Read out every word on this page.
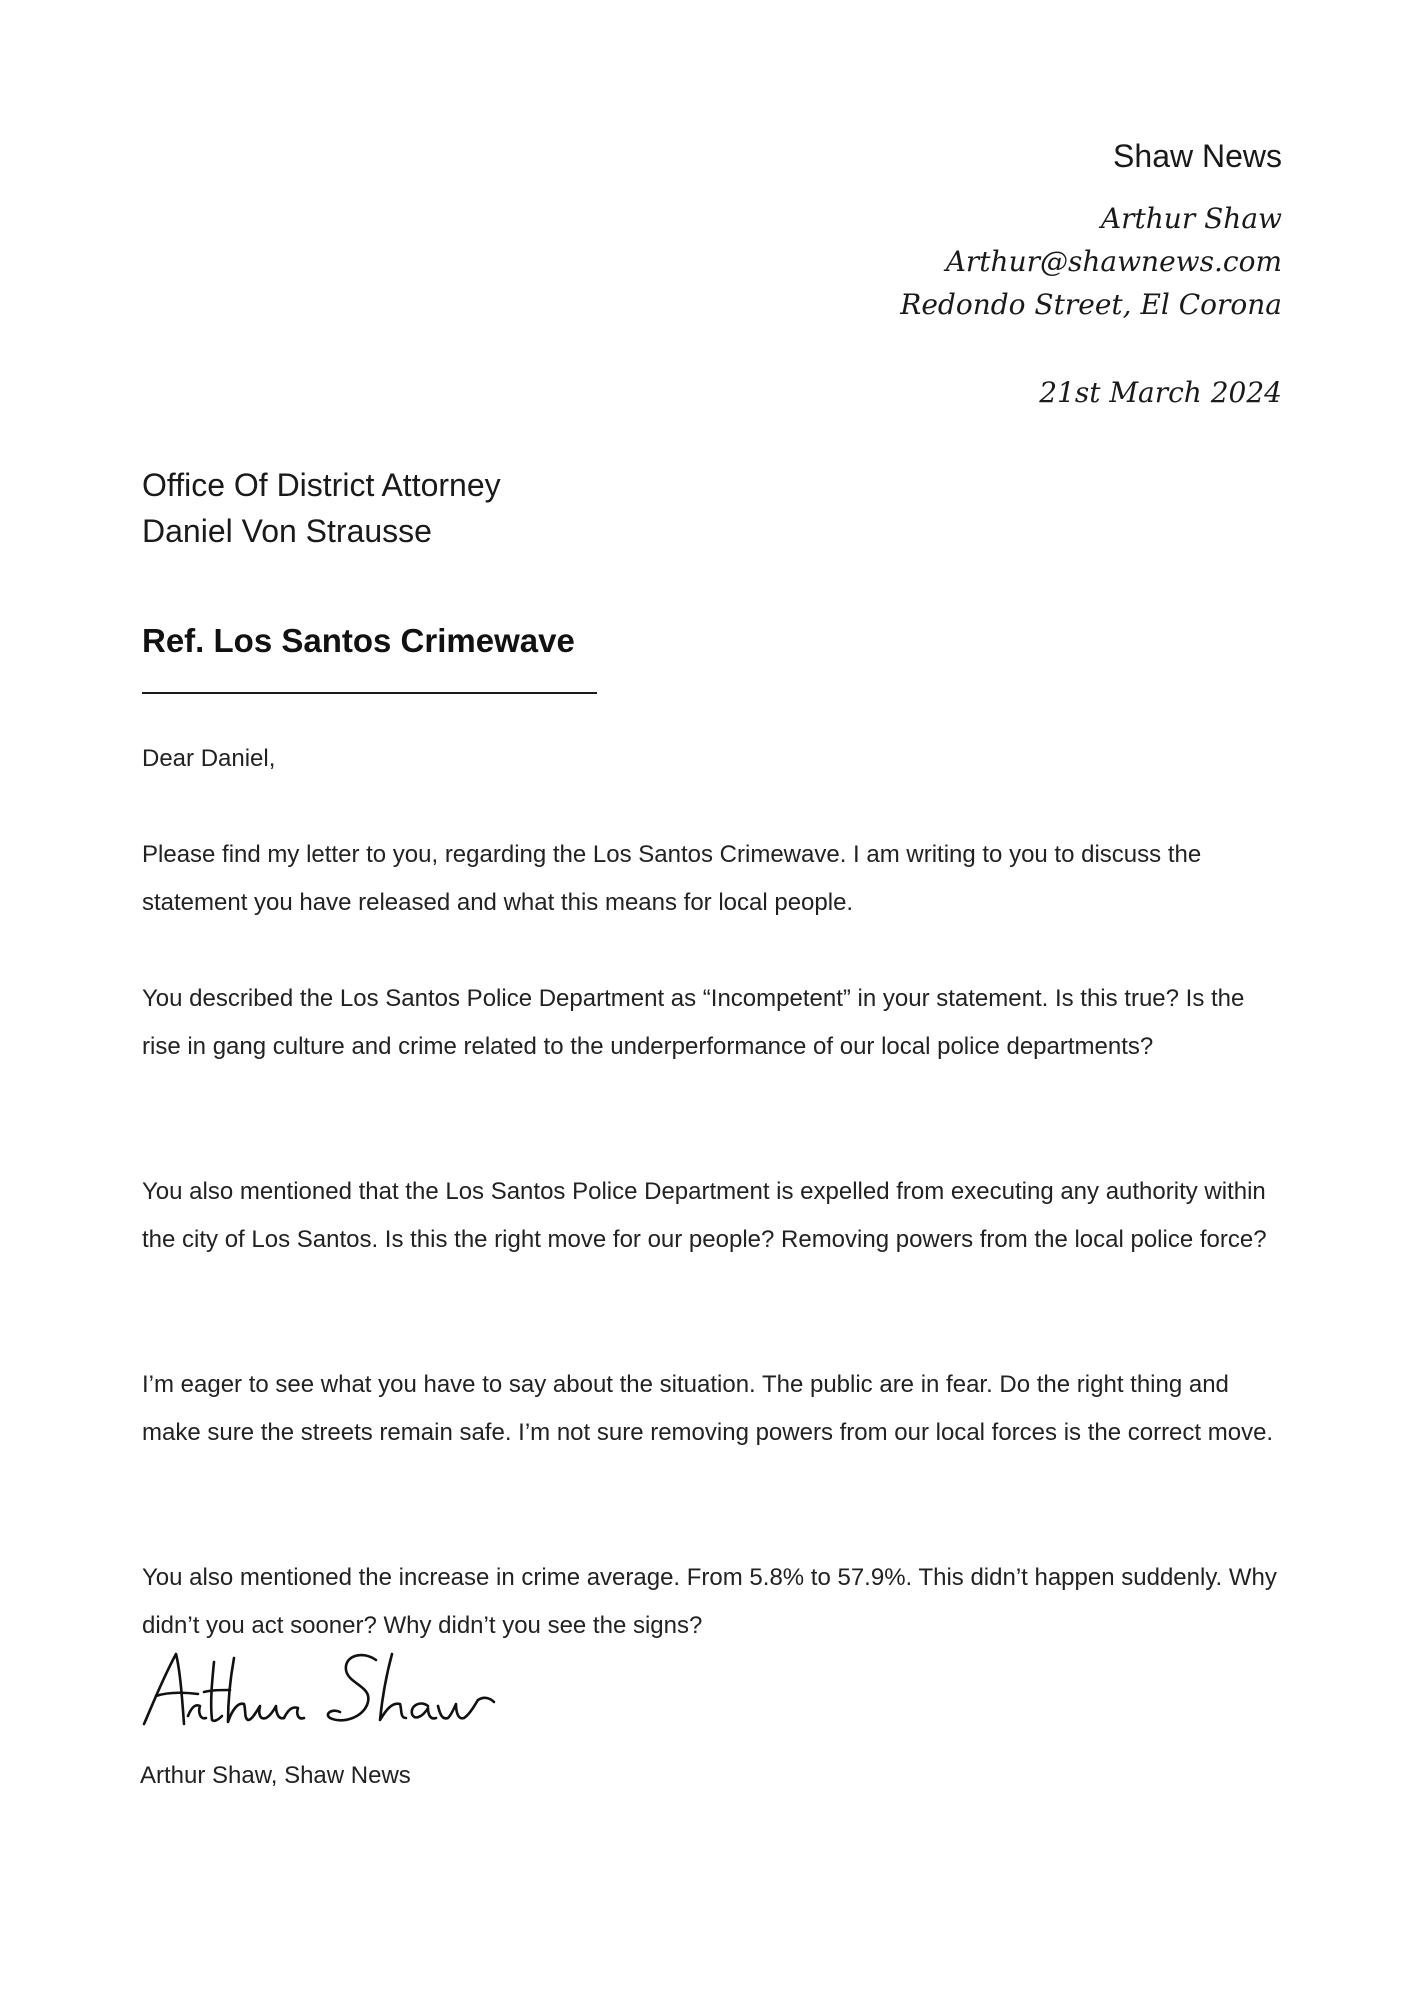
Shaw News
Arthur Shaw
Arthur@shawnews.com
Redondo Street, El Corona
21st March 2024
Office Of District Attorney
Daniel Von Strausse
Ref. Los Santos Crimewave
Dear Daniel,
Please find my letter to you, regarding the Los Santos Crimewave. I am writing to you to discuss the statement you have released and what this means for local people.
You described the Los Santos Police Department as “Incompetent” in your statement. Is this true? Is the rise in gang culture and crime related to the underperformance of our local police departments?
You also mentioned that the Los Santos Police Department is expelled from executing any authority within the city of Los Santos. Is this the right move for our people? Removing powers from the local police force?
I’m eager to see what you have to say about the situation. The public are in fear. Do the right thing and make sure the streets remain safe. I’m not sure removing powers from our local forces is the correct move.
You also mentioned the increase in crime average. From 5.8% to 57.9%. This didn’t happen suddenly. Why didn’t you act sooner? Why didn’t you see the signs?
Arthur Shaw, Shaw News
